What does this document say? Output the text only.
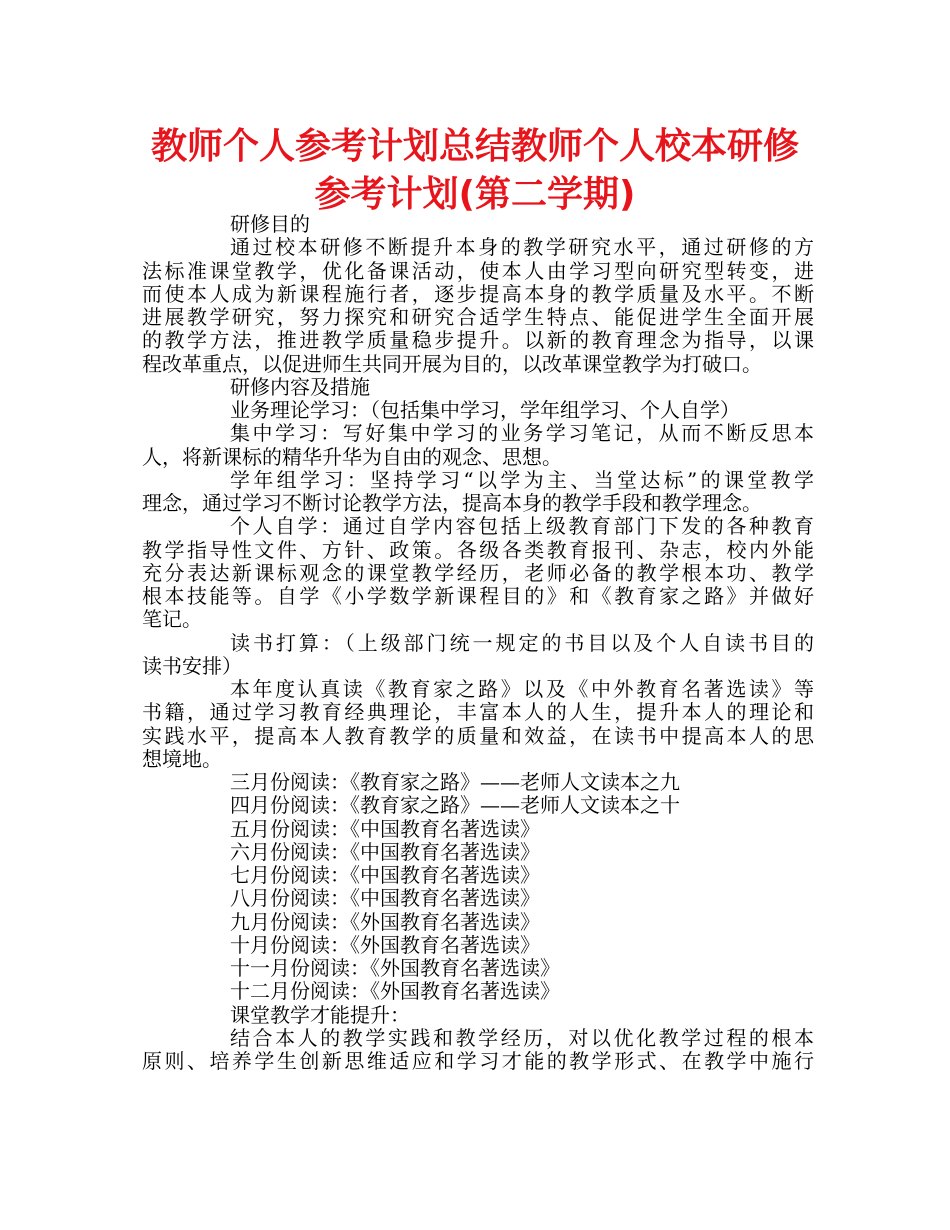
教师个人参考计划总结教师个人校本研修
参考计划(第二学期)
研修目的
通过校本研修不断提升本身的教学研究水平，通过研修的方
法标准课堂教学，优化备课活动，使本人由学习型向研究型转变，进
而使本人成为新课程施行者，逐步提高本身的教学质量及水平。不断
进展教学研究，努力探究和研究合适学生特点、能促进学生全面开展
的教学方法，推进教学质量稳步提升。以新的教育理念为指导，以课
程改革重点，以促进师生共同开展为目的，以改革课堂教学为打破口。
研修内容及措施
业务理论学习：（包括集中学习，学年组学习、个人自学）
集中学习：写好集中学习的业务学习笔记，从而不断反思本
人，将新课标的精华升华为自由的观念、思想。
学年组学习：坚持学习“以学为主、当堂达标”的课堂教学
理念，通过学习不断讨论教学方法，提高本身的教学手段和教学理念。
个人自学：通过自学内容包括上级教育部门下发的各种教育
教学指导性文件、方针、政策。各级各类教育报刊、杂志，校内外能
充分表达新课标观念的课堂教学经历，老师必备的教学根本功、教学
根本技能等。自学《小学数学新课程目的》和《教育家之路》并做好
笔记。
读书打算：（上级部门统一规定的书目以及个人自读书目的
读书安排）
本年度认真读《教育家之路》以及《中外教育名著选读》等
书籍，通过学习教育经典理论，丰富本人的人生，提升本人的理论和
实践水平，提高本人教育教学的质量和效益，在读书中提高本人的思
想境地。
三月份阅读：《教育家之路》——老师人文读本之九
四月份阅读：《教育家之路》——老师人文读本之十
五月份阅读：《中国教育名著选读》
六月份阅读：《中国教育名著选读》
七月份阅读：《中国教育名著选读》
八月份阅读：《中国教育名著选读》
九月份阅读：《外国教育名著选读》
十月份阅读：《外国教育名著选读》
十一月份阅读：《外国教育名著选读》
十二月份阅读：《外国教育名著选读》
课堂教学才能提升：
结合本人的教学实践和教学经历，对以优化教学过程的根本
原则、培养学生创新思维适应和学习才能的教学形式、在教学中施行
